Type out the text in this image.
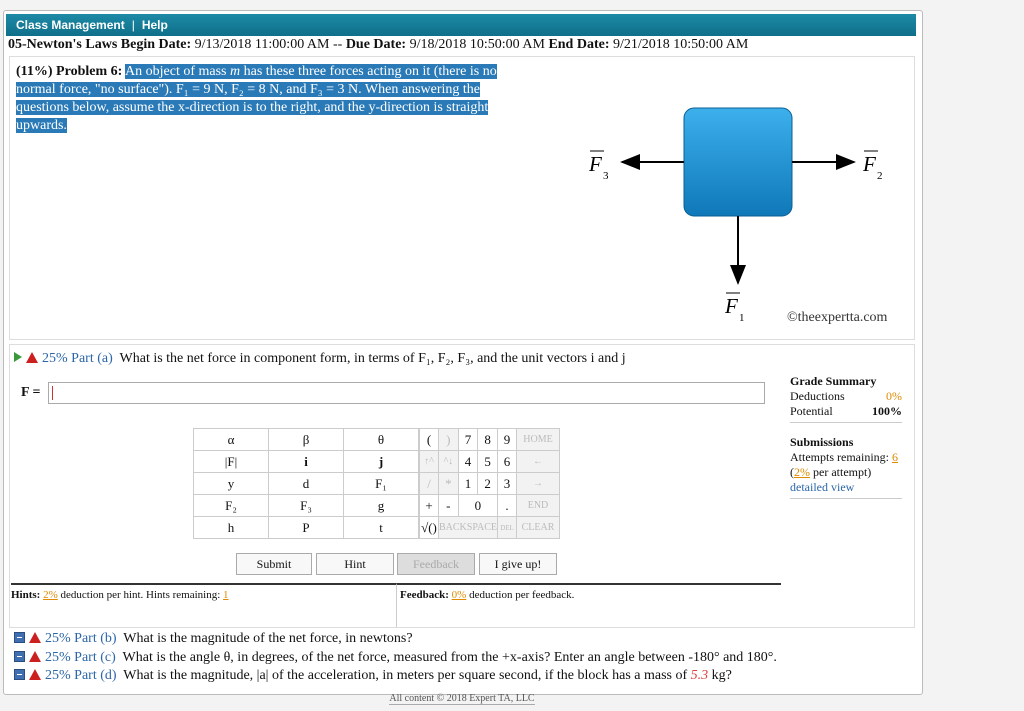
Class Management | Help
05-Newton's Laws Begin Date: 9/13/2018 11:00:00 AM -- Due Date: 9/18/2018 10:50:00 AM End Date: 9/21/2018 10:50:00 AM
(11%) Problem 6: An object of mass m has these three forces acting on it (there is no normal force, "no surface"). F₁ = 9 N, F₂ = 8 N, and F₃ = 3 N. When answering the questions below, assume the x-direction is to the right, and the y-direction is straight upwards.
F 3	F 2
F 1	©theexpertta.com
25% Part (a) What is the net force in component form, in terms of F₁, F₂, F₃, and the unit vectors i and j
F =
Grade Summary
Deductions	0%
Potential	100%
Submissions
Attempts remaining: 6
(2% per attempt)
detailed view
α	β	θ
|F|	i	j
y	d	F₁
F₂	F₃	g
h	P	t
(	)	7	8	9	HOME
↑^	^↓	4	5	6	←
/	*	1	2	3	→
+	-	0		.	END
√()	BACKSPACE			DEL	CLEAR
Submit	Hint	Feedback	I give up!
Hints: 2% deduction per hint. Hints remaining: 1	Feedback: 0% deduction per feedback.
25% Part (b) What is the magnitude of the net force, in newtons?
25% Part (c) What is the angle θ, in degrees, of the net force, measured from the +x-axis? Enter an angle between -180° and 180°.
25% Part (d) What is the magnitude, |a| of the acceleration, in meters per square second, if the block has a mass of 5.3 kg?
All content © 2018 Expert TA, LLC
